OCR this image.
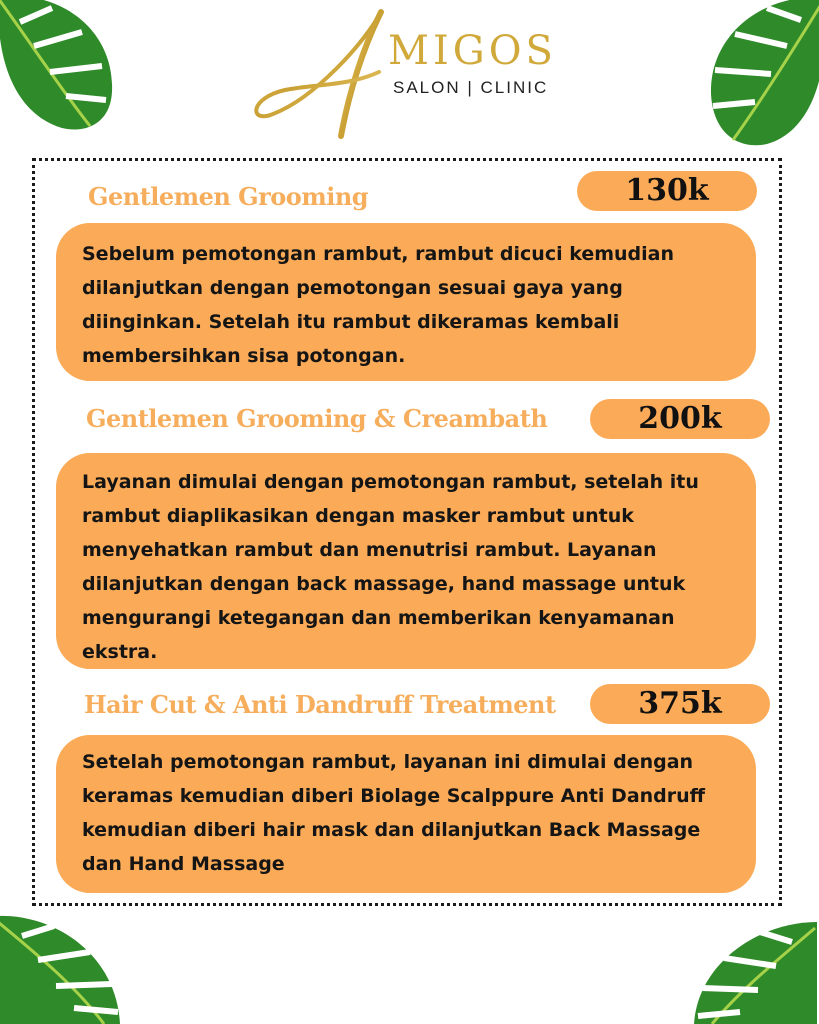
MIGOS
SALON | CLINIC
Gentlemen Grooming	130k
Sebelum pemotongan rambut, rambut dicuci kemudian dilanjutkan dengan pemotongan sesuai gaya yang diinginkan. Setelah itu rambut dikeramas kembali membersihkan sisa potongan.
Gentlemen Grooming & Creambath	200k
Layanan dimulai dengan pemotongan rambut, setelah itu rambut diaplikasikan dengan masker rambut untuk menyehatkan rambut dan menutrisi rambut. Layanan dilanjutkan dengan back massage, hand massage untuk mengurangi ketegangan dan memberikan kenyamanan ekstra.
Hair Cut & Anti Dandruff Treatment	375k
Setelah pemotongan rambut, layanan ini dimulai dengan keramas kemudian diberi Biolage Scalppure Anti Dandruff kemudian diberi hair mask dan dilanjutkan Back Massage dan Hand Massage
